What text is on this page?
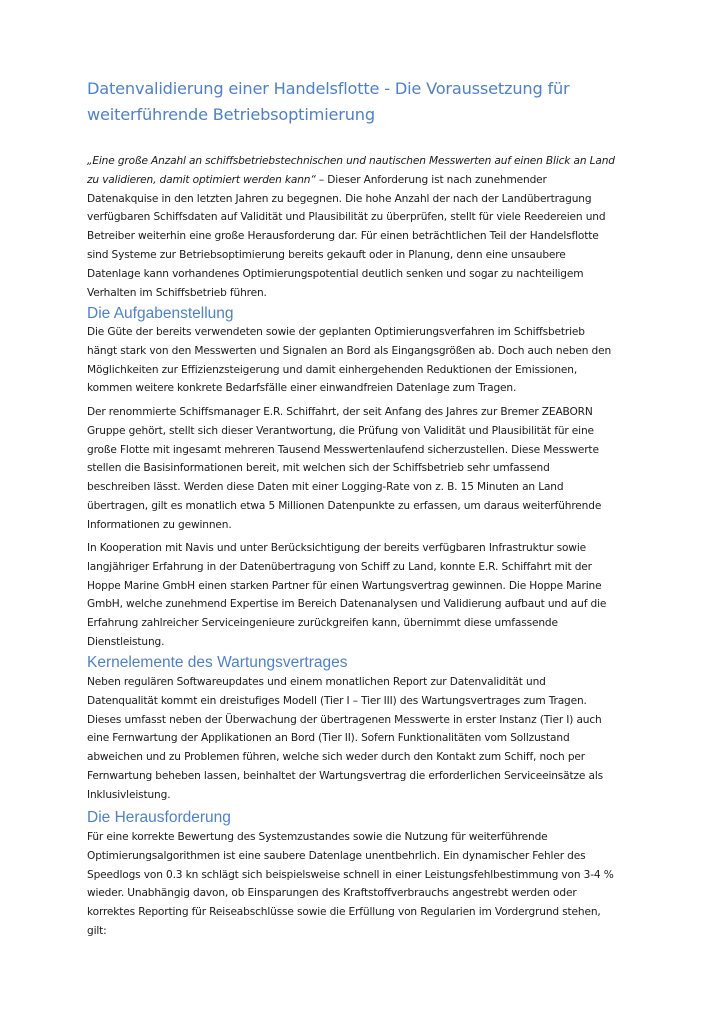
Datenvalidierung einer Handelsflotte - Die Voraussetzung für
weiterführende Betriebsoptimierung

„Eine große Anzahl an schiffsbetriebstechnischen und nautischen Messwerten auf einen Blick an Land
zu validieren, damit optimiert werden kann“ – Dieser Anforderung ist nach zunehmender
Datenakquise in den letzten Jahren zu begegnen. Die hohe Anzahl der nach der Landübertragung
verfügbaren Schiffsdaten auf Validität und Plausibilität zu überprüfen, stellt für viele Reedereien und
Betreiber weiterhin eine große Herausforderung dar. Für einen beträchtlichen Teil der Handelsflotte
sind Systeme zur Betriebsoptimierung bereits gekauft oder in Planung, denn eine unsaubere
Datenlage kann vorhandenes Optimierungspotential deutlich senken und sogar zu nachteiligem
Verhalten im Schiffsbetrieb führen.

Die Aufgabenstellung

Die Güte der bereits verwendeten sowie der geplanten Optimierungsverfahren im Schiffsbetrieb
hängt stark von den Messwerten und Signalen an Bord als Eingangsgrößen ab. Doch auch neben den
Möglichkeiten zur Effizienzsteigerung und damit einhergehenden Reduktionen der Emissionen,
kommen weitere konkrete Bedarfsfälle einer einwandfreien Datenlage zum Tragen.

Der renommierte Schiffsmanager E.R. Schiffahrt, der seit Anfang des Jahres zur Bremer ZEABORN
Gruppe gehört, stellt sich dieser Verantwortung, die Prüfung von Validität und Plausibilität für eine
große Flotte mit ingesamt mehreren Tausend Messwertenlaufend sicherzustellen. Diese Messwerte
stellen die Basisinformationen bereit, mit welchen sich der Schiffsbetrieb sehr umfassend
beschreiben lässt. Werden diese Daten mit einer Logging-Rate von z. B. 15 Minuten an Land
übertragen, gilt es monatlich etwa 5 Millionen Datenpunkte zu erfassen, um daraus weiterführende
Informationen zu gewinnen.

In Kooperation mit Navis und unter Berücksichtigung der bereits verfügbaren Infrastruktur sowie
langjähriger Erfahrung in der Datenübertragung von Schiff zu Land, konnte E.R. Schiffahrt mit der
Hoppe Marine GmbH einen starken Partner für einen Wartungsvertrag gewinnen. Die Hoppe Marine
GmbH, welche zunehmend Expertise im Bereich Datenanalysen und Validierung aufbaut und auf die
Erfahrung zahlreicher Serviceingenieure zurückgreifen kann, übernimmt diese umfassende
Dienstleistung.

Kernelemente des Wartungsvertrages

Neben regulären Softwareupdates und einem monatlichen Report zur Datenvalidität und
Datenqualität kommt ein dreistufiges Modell (Tier I – Tier III) des Wartungsvertrages zum Tragen.
Dieses umfasst neben der Überwachung der übertragenen Messwerte in erster Instanz (Tier I) auch
eine Fernwartung der Applikationen an Bord (Tier II). Sofern Funktionalitäten vom Sollzustand
abweichen und zu Problemen führen, welche sich weder durch den Kontakt zum Schiff, noch per
Fernwartung beheben lassen, beinhaltet der Wartungsvertrag die erforderlichen Serviceeinsätze als
Inklusivleistung.

Die Herausforderung

Für eine korrekte Bewertung des Systemzustandes sowie die Nutzung für weiterführende
Optimierungsalgorithmen ist eine saubere Datenlage unentbehrlich. Ein dynamischer Fehler des
Speedlogs von 0.3 kn schlägt sich beispielsweise schnell in einer Leistungsfehlbestimmung von 3-4 %
wieder. Unabhängig davon, ob Einsparungen des Kraftstoffverbrauchs angestrebt werden oder
korrektes Reporting für Reiseabschlüsse sowie die Erfüllung von Regularien im Vordergrund stehen,
gilt:
